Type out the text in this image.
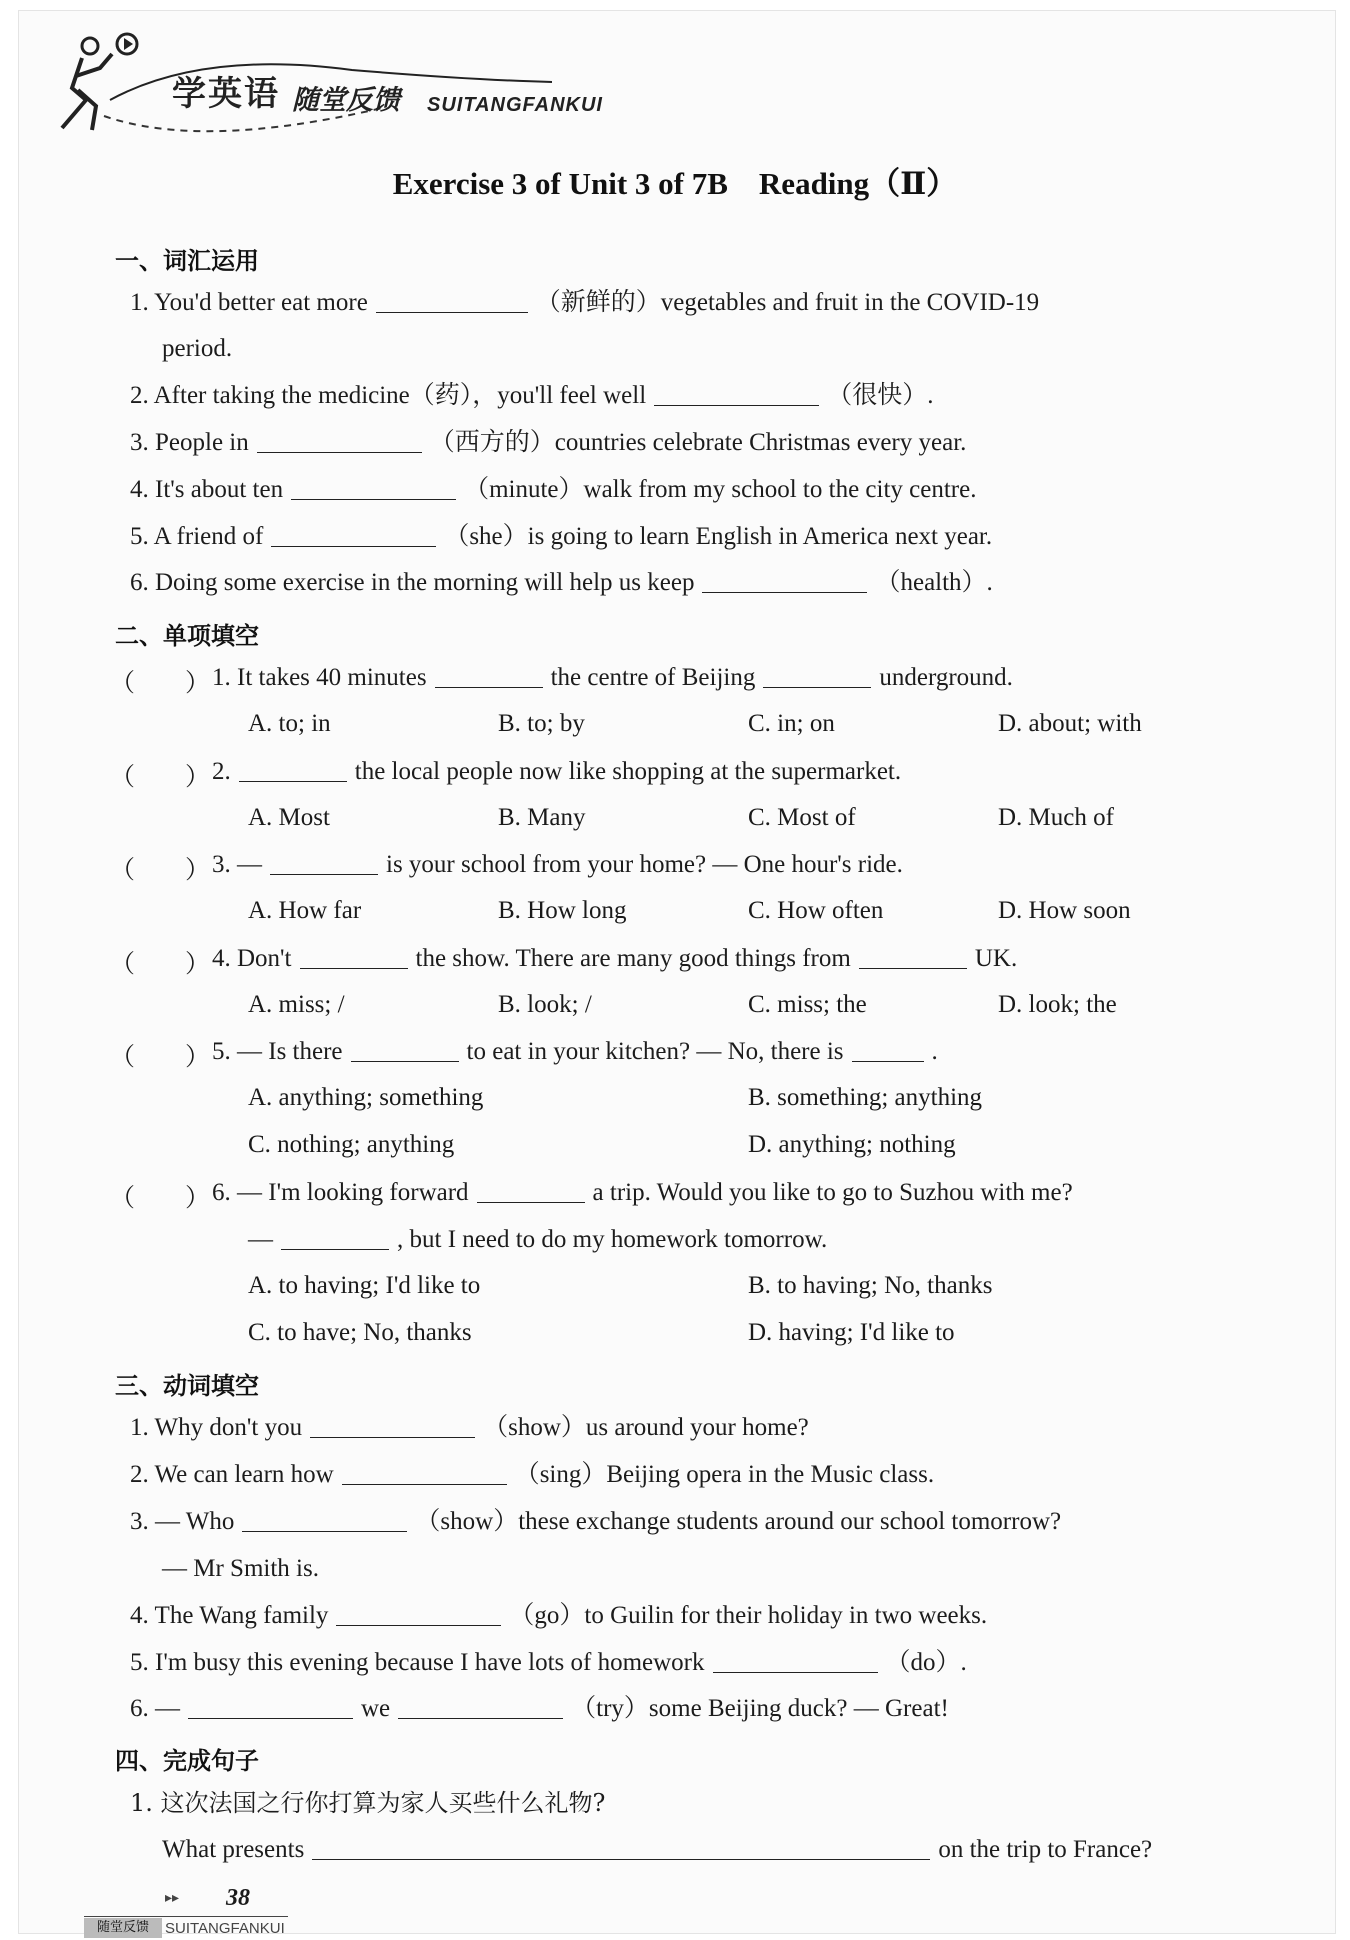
学英语 随堂反馈 SUITANGFANKUI
Exercise 3 of Unit 3 of 7B　Reading（Ⅱ）
一、词汇运用
1. You'd better eat more	（新鲜的）vegetables and fruit in the COVID-19
period.
2. After taking the medicine（药），you'll feel well	（很快）.
3. People in	（西方的）countries celebrate Christmas every year.
4. It's about ten	（minute）walk from my school to the city centre.
5. A friend of	（she）is going to learn English in America next year.
6. Doing some exercise in the morning will help us keep	（health）.
二、单项填空
（　　） 1. It takes 40 minutes	the centre of Beijing	underground.
A. to; in	B. to; by	C. in; on	D. about; with
（　　） 2.	the local people now like shopping at the supermarket.
A. Most	B. Many	C. Most of	D. Much of
（　　） 3. —	is your school from your home? — One hour's ride.
A. How far	B. How long	C. How often	D. How soon
（　　） 4. Don't	the show. There are many good things from	UK.
A. miss; /	B. look; /	C. miss; the	D. look; the
（　　） 5. — Is there	to eat in your kitchen? — No, there is	.
A. anything; something	B. something; anything
C. nothing; anything	D. anything; nothing
（　　） 6. — I'm looking forward	a trip. Would you like to go to Suzhou with me?
—	, but I need to do my homework tomorrow.
A. to having; I'd like to	B. to having; No, thanks
C. to have; No, thanks	D. having; I'd like to
三、动词填空
1. Why don't you	（show）us around your home?
2. We can learn how	（sing）Beijing opera in the Music class.
3. — Who	（show）these exchange students around our school tomorrow?
— Mr Smith is.
4. The Wang family	（go）to Guilin for their holiday in two weeks.
5. I'm busy this evening because I have lots of homework	（do）.
6. —	we	（try）some Beijing duck? — Great!
四、完成句子
1. 这次法国之行你打算为家人买些什么礼物?
What presents	on the trip to France?
▸▸ 38
随堂反馈	SUITANGFANKUI
